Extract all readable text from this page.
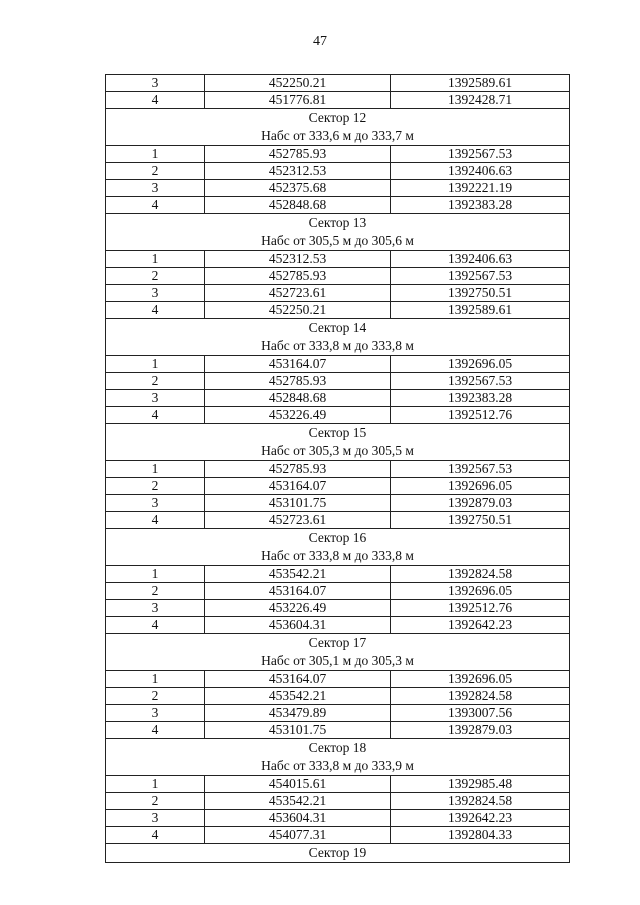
47
3	452250.21	1392589.61
4	451776.81	1392428.71

Сектор 12
Набс от 333,6 м до 333,7 м		

1	452785.93	1392567.53
2	452312.53	1392406.63
3	452375.68	1392221.19
4	452848.68	1392383.28

Сектор 13
Набс от 305,5 м до 305,6 м		

1	452312.53	1392406.63
2	452785.93	1392567.53
3	452723.61	1392750.51
4	452250.21	1392589.61

Сектор 14
Набс от 333,8 м до 333,8 м		

1	453164.07	1392696.05
2	452785.93	1392567.53
3	452848.68	1392383.28
4	453226.49	1392512.76

Сектор 15
Набс от 305,3 м до 305,5 м		

1	452785.93	1392567.53
2	453164.07	1392696.05
3	453101.75	1392879.03
4	452723.61	1392750.51

Сектор 16
Набс от 333,8 м до 333,8 м		

1	453542.21	1392824.58
2	453164.07	1392696.05
3	453226.49	1392512.76
4	453604.31	1392642.23

Сектор 17
Набс от 305,1 м до 305,3 м		

1	453164.07	1392696.05
2	453542.21	1392824.58
3	453479.89	1393007.56
4	453101.75	1392879.03

Сектор 18
Набс от 333,8 м до 333,9 м		

1	454015.61	1392985.48
2	453542.21	1392824.58
3	453604.31	1392642.23
4	454077.31	1392804.33

Сектор 19		
